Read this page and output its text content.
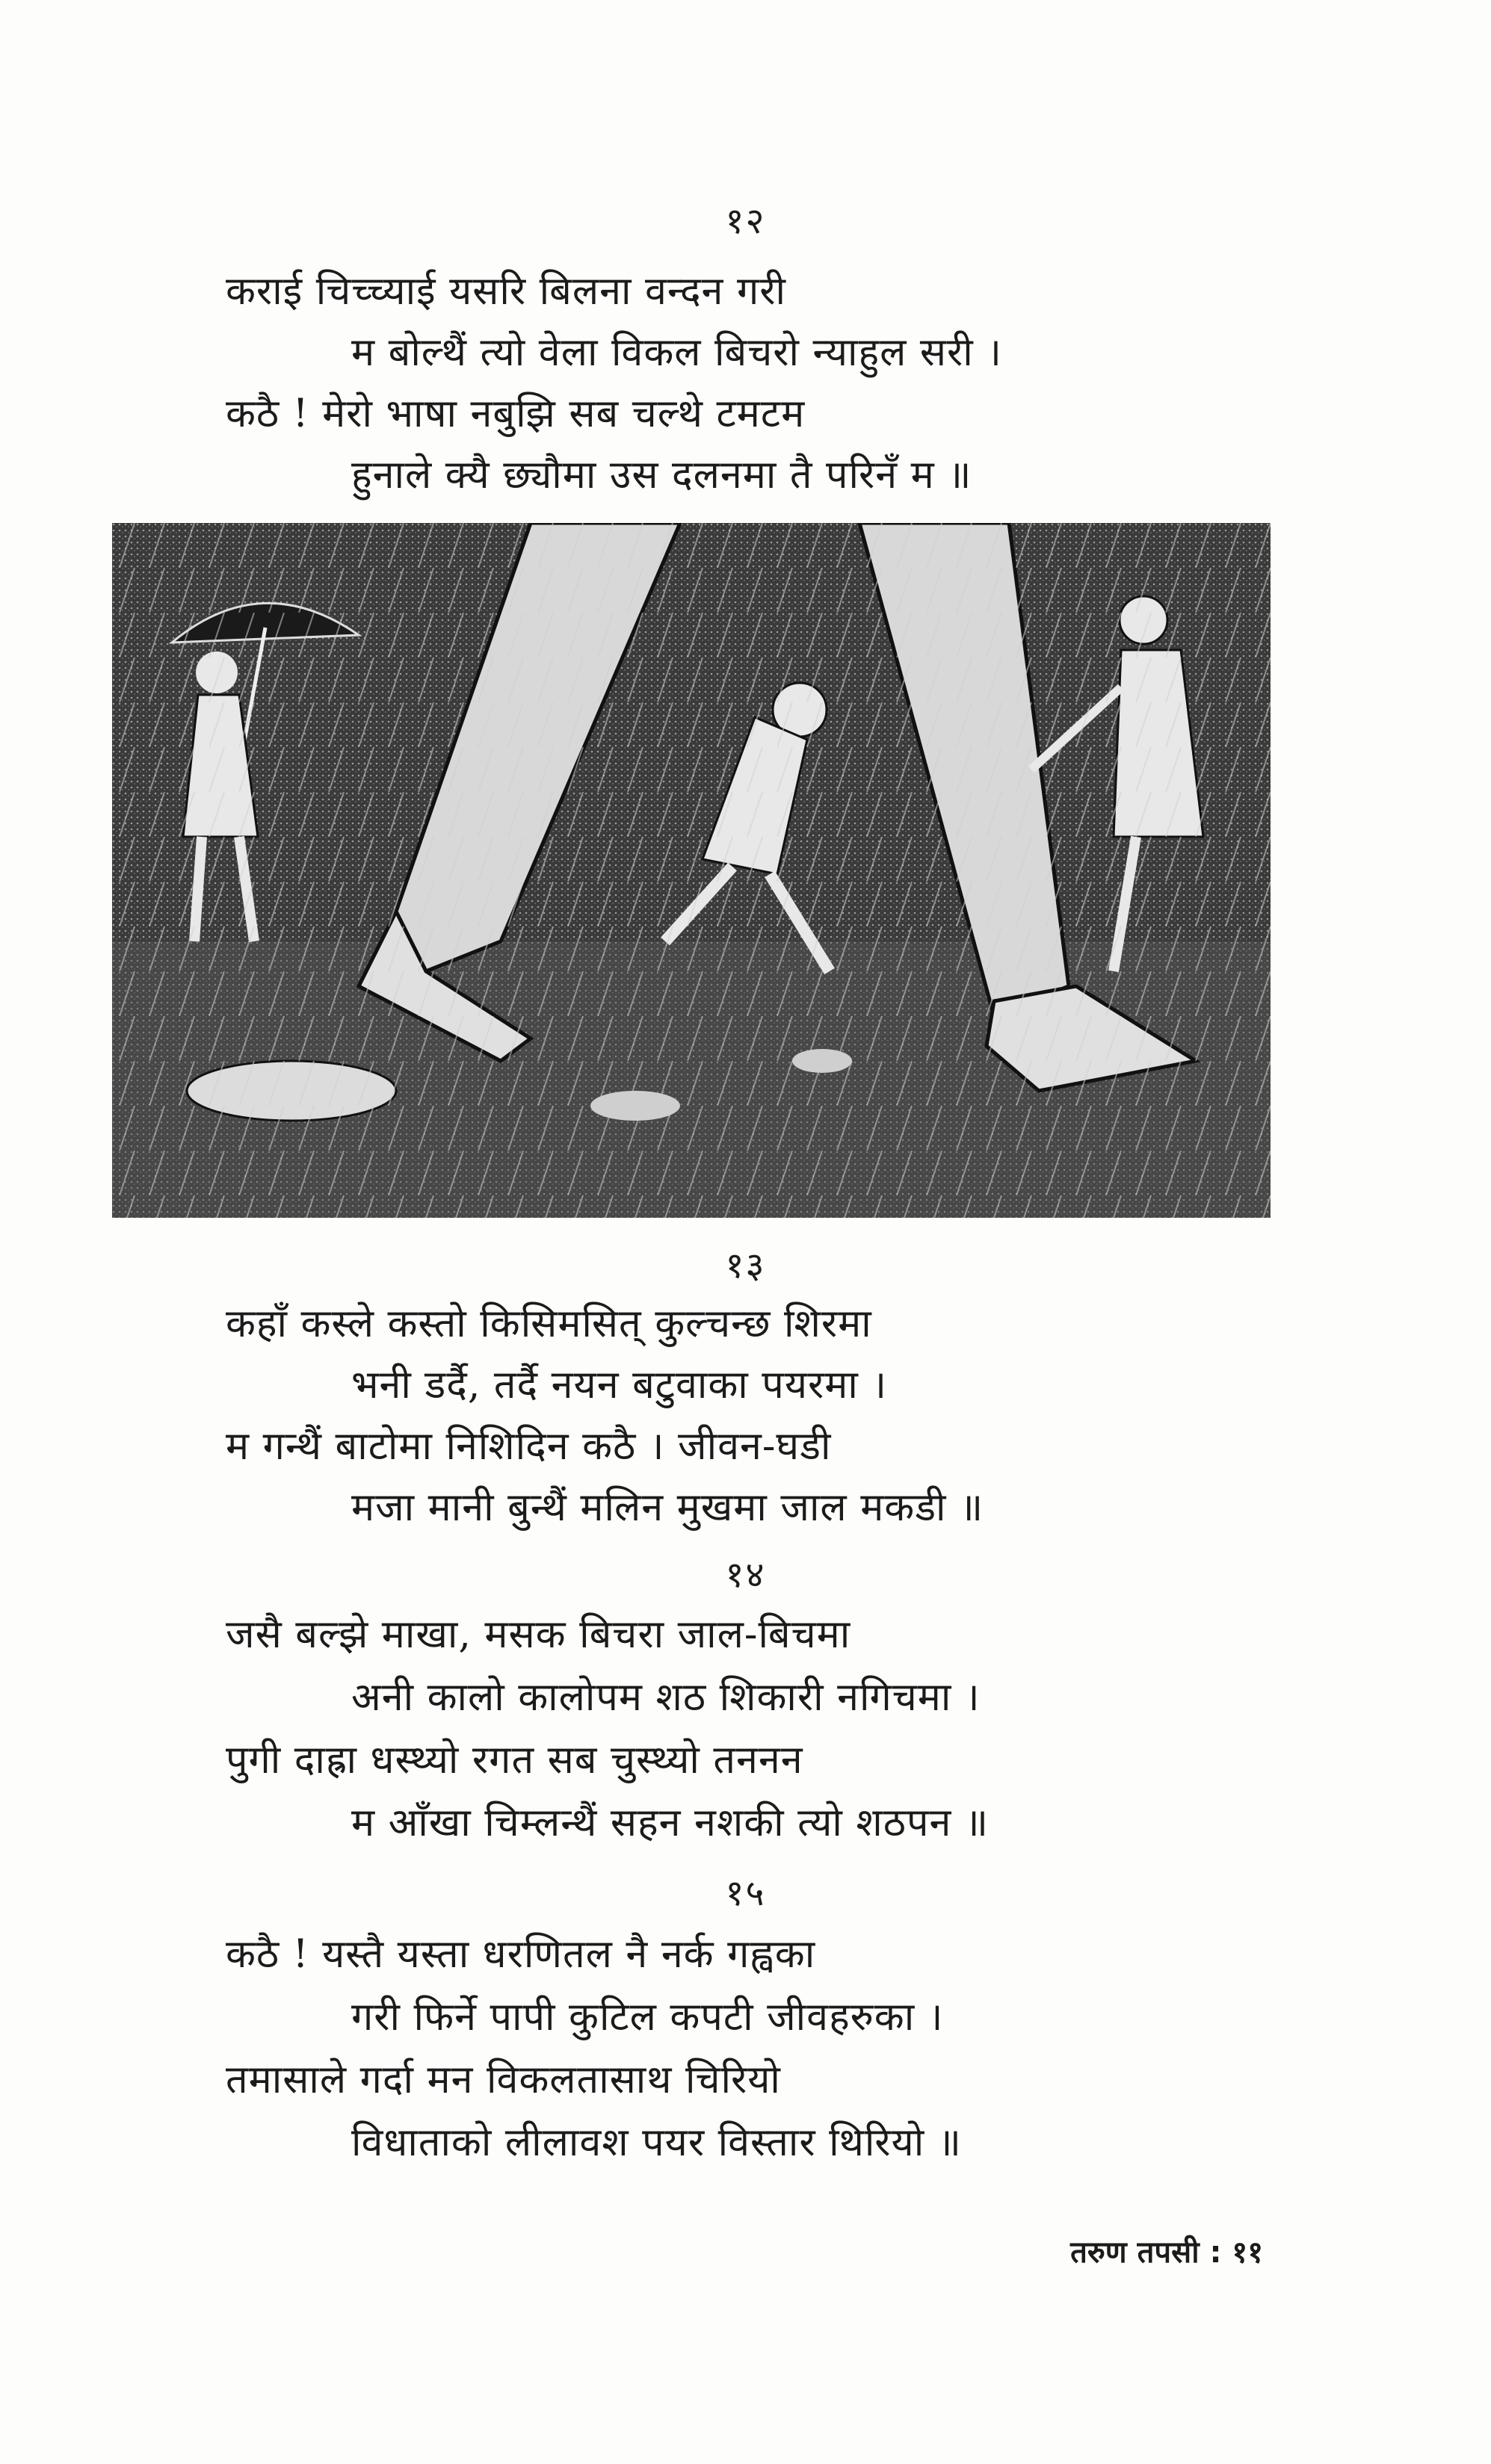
१२
कराई चिच्च्याई यसरि बिलना वन्दन गरी
म बोल्थैं त्यो वेला विकल बिचरो न्याहुल सरी ।
कठै ! मेरो भाषा नबुझि सब चल्थे टमटम
हुनाले क्यै छ्यौमा उस दलनमा तै परिनँ म ॥
१३
कहाँ कस्ले कस्तो किसिमसित् कुल्चन्छ शिरमा
भनी डर्दै, तर्दै नयन बटुवाका पयरमा ।
म गन्थैं बाटोमा निशिदिन कठै । जीवन-घडी
मजा मानी बुन्थैं मलिन मुखमा जाल मकडी ॥
१४
जसै बल्झे माखा, मसक बिचरा जाल-बिचमा
अनी कालो कालोपम शठ शिकारी नगिचमा ।
पुगी दाह्रा धस्थ्यो रगत सब चुस्थ्यो तननन
म आँखा चिम्लन्थैं सहन नशकी त्यो शठपन ॥
१५
कठै ! यस्तै यस्ता धरणितल नै नर्क गह्वका
गरी फिर्ने पापी कुटिल कपटी जीवहरुका ।
तमासाले गर्दा मन विकलतासाथ चिरियो
विधाताको लीलावश पयर विस्तार थिरियो ॥
तरुण तपसी : ११
